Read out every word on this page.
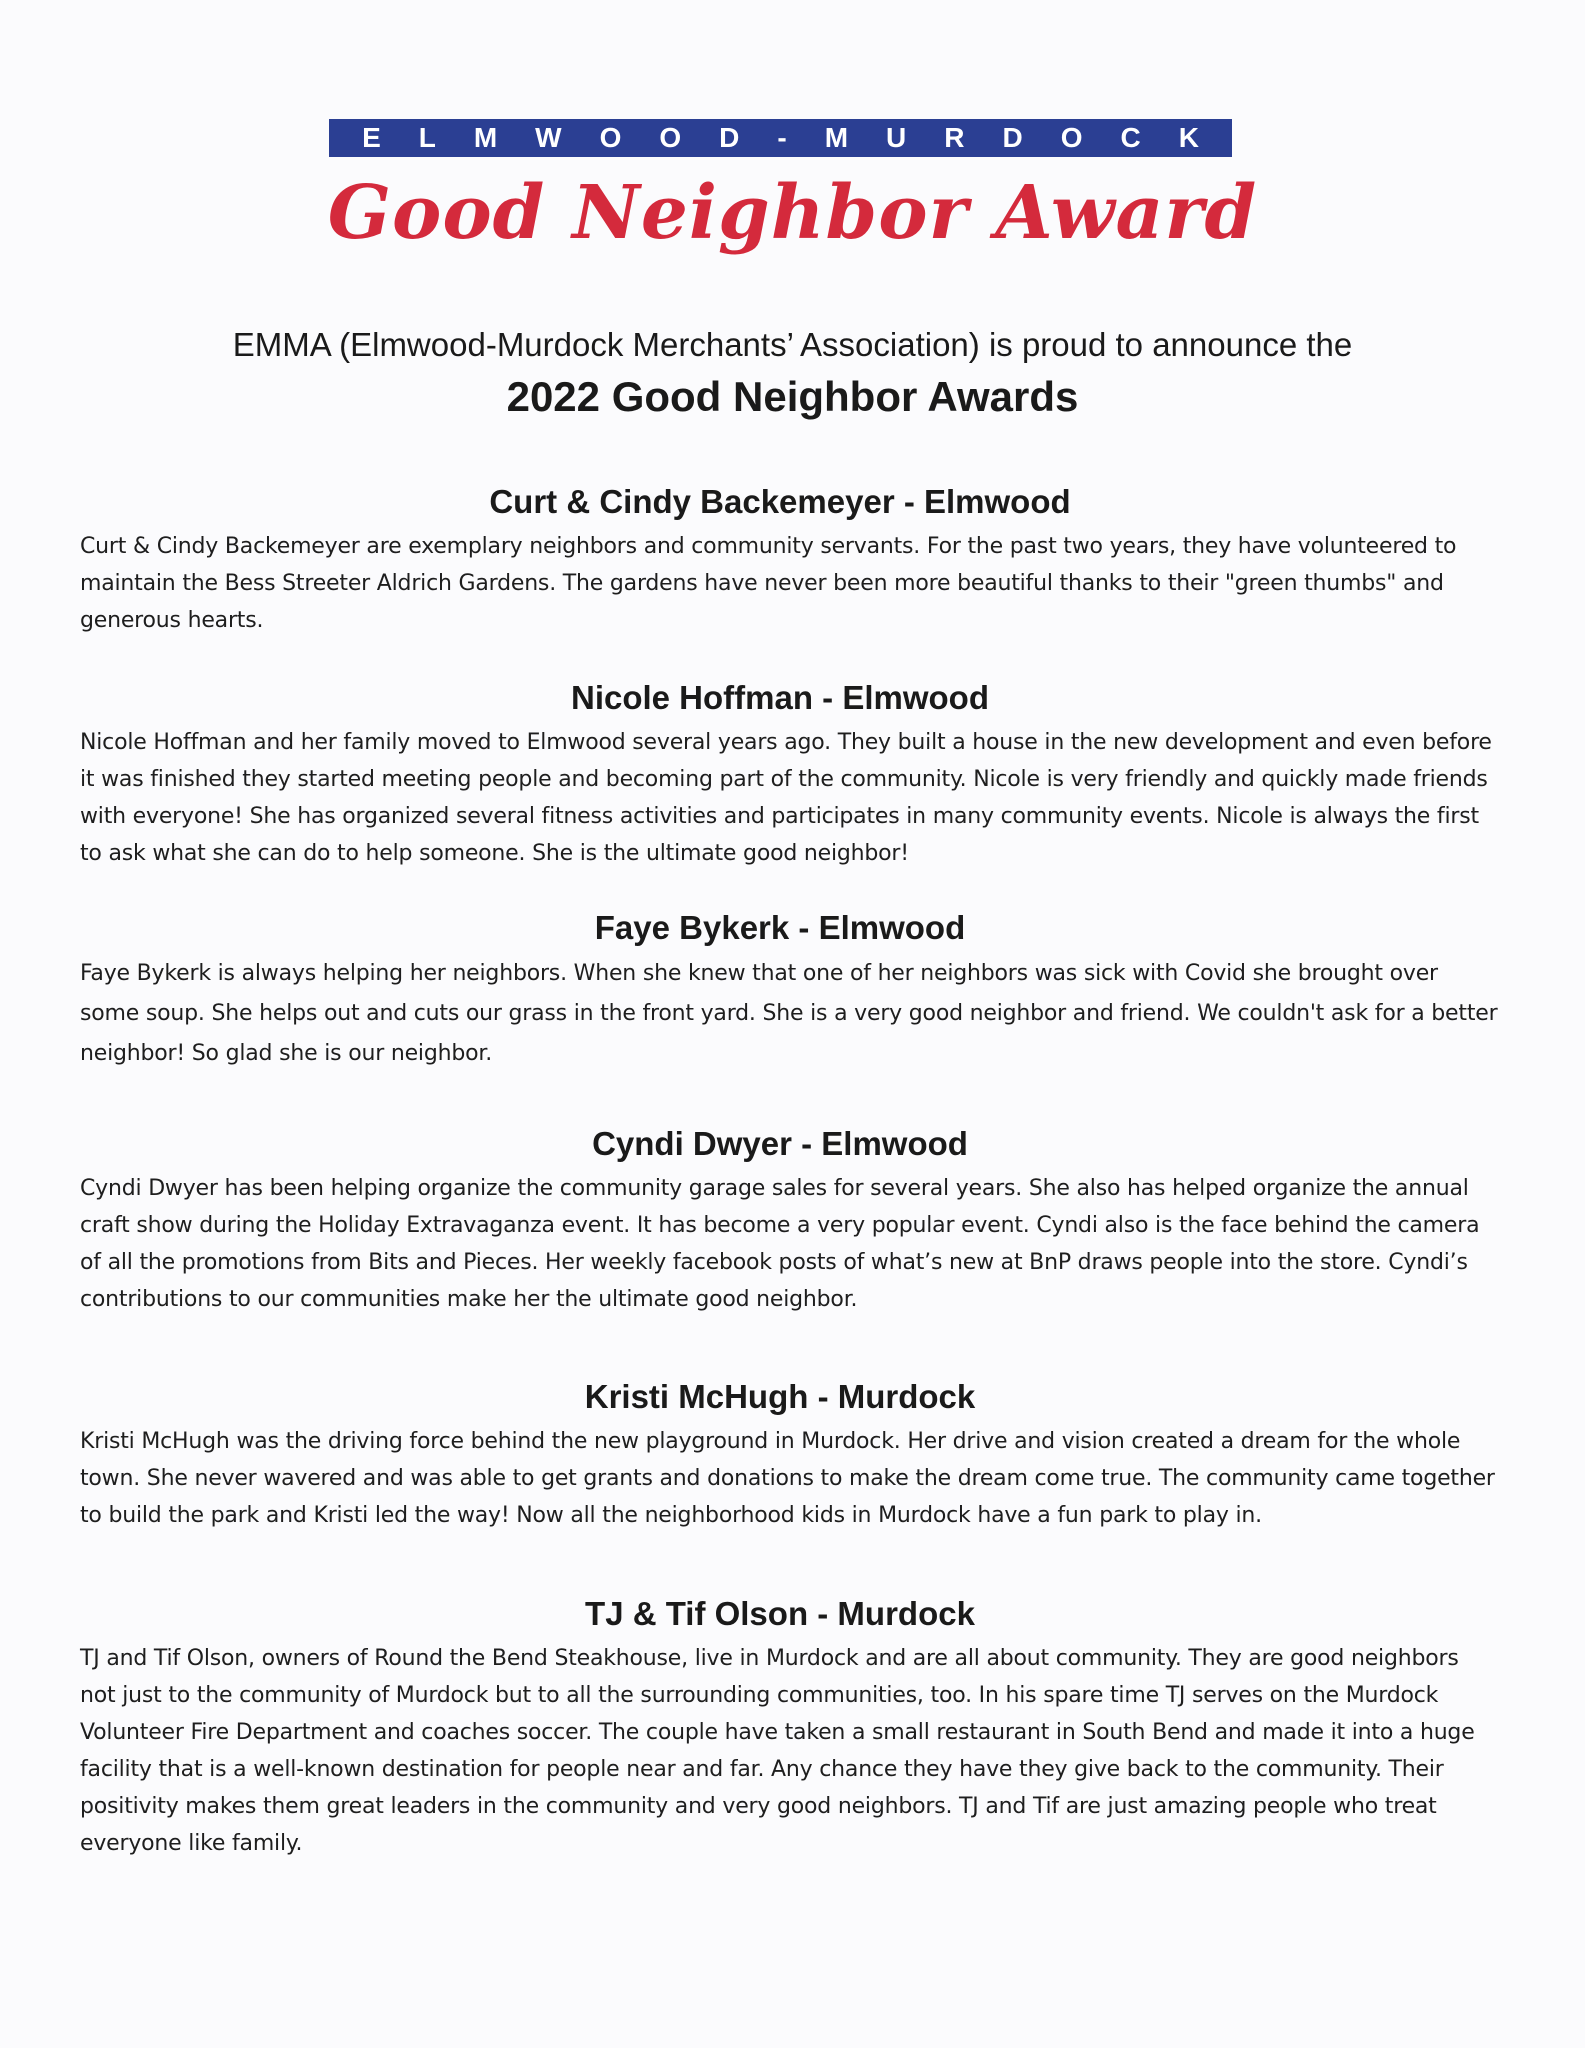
ELMWOOD-MURDOCK
Good Neighbor Award
EMMA (Elmwood-Murdock Merchants’ Association) is proud to announce the
2022 Good Neighbor Awards
Curt & Cindy Backemeyer - Elmwood

Curt & Cindy Backemeyer are exemplary neighbors and community servants. For the past two years, they have volunteered to maintain the Bess Streeter Aldrich Gardens. The gardens have never been more beautiful thanks to their "green thumbs" and generous hearts.

Nicole Hoffman - Elmwood

Nicole Hoffman and her family moved to Elmwood several years ago. They built a house in the new development and even before it was finished they started meeting people and becoming part of the community. Nicole is very friendly and quickly made friends with everyone! She has organized several fitness activities and participates in many community events. Nicole is always the first to ask what she can do to help someone. She is the ultimate good neighbor!

Faye Bykerk - Elmwood

Faye Bykerk is always helping her neighbors. When she knew that one of her neighbors was sick with Covid she brought over some soup. She helps out and cuts our grass in the front yard. She is a very good neighbor and friend. We couldn't ask for a better neighbor! So glad she is our neighbor.

Cyndi Dwyer - Elmwood

Cyndi Dwyer has been helping organize the community garage sales for several years. She also has helped organize the annual craft show during the Holiday Extravaganza event. It has become a very popular event. Cyndi also is the face behind the camera of all the promotions from Bits and Pieces. Her weekly facebook posts of what’s new at BnP draws people into the store. Cyndi’s contributions to our communities make her the ultimate good neighbor.

Kristi McHugh - Murdock

Kristi McHugh was the driving force behind the new playground in Murdock. Her drive and vision created a dream for the whole town. She never wavered and was able to get grants and donations to make the dream come true. The community came together to build the park and Kristi led the way! Now all the neighborhood kids in Murdock have a fun park to play in.

TJ & Tif Olson - Murdock

TJ and Tif Olson, owners of Round the Bend Steakhouse, live in Murdock and are all about community. They are good neighbors not just to the community of Murdock but to all the surrounding communities, too. In his spare time TJ serves on the Murdock Volunteer Fire Department and coaches soccer. The couple have taken a small restaurant in South Bend and made it into a huge facility that is a well-known destination for people near and far. Any chance they have they give back to the community. Their positivity makes them great leaders in the community and very good neighbors. TJ and Tif are just amazing people who treat everyone like family.
